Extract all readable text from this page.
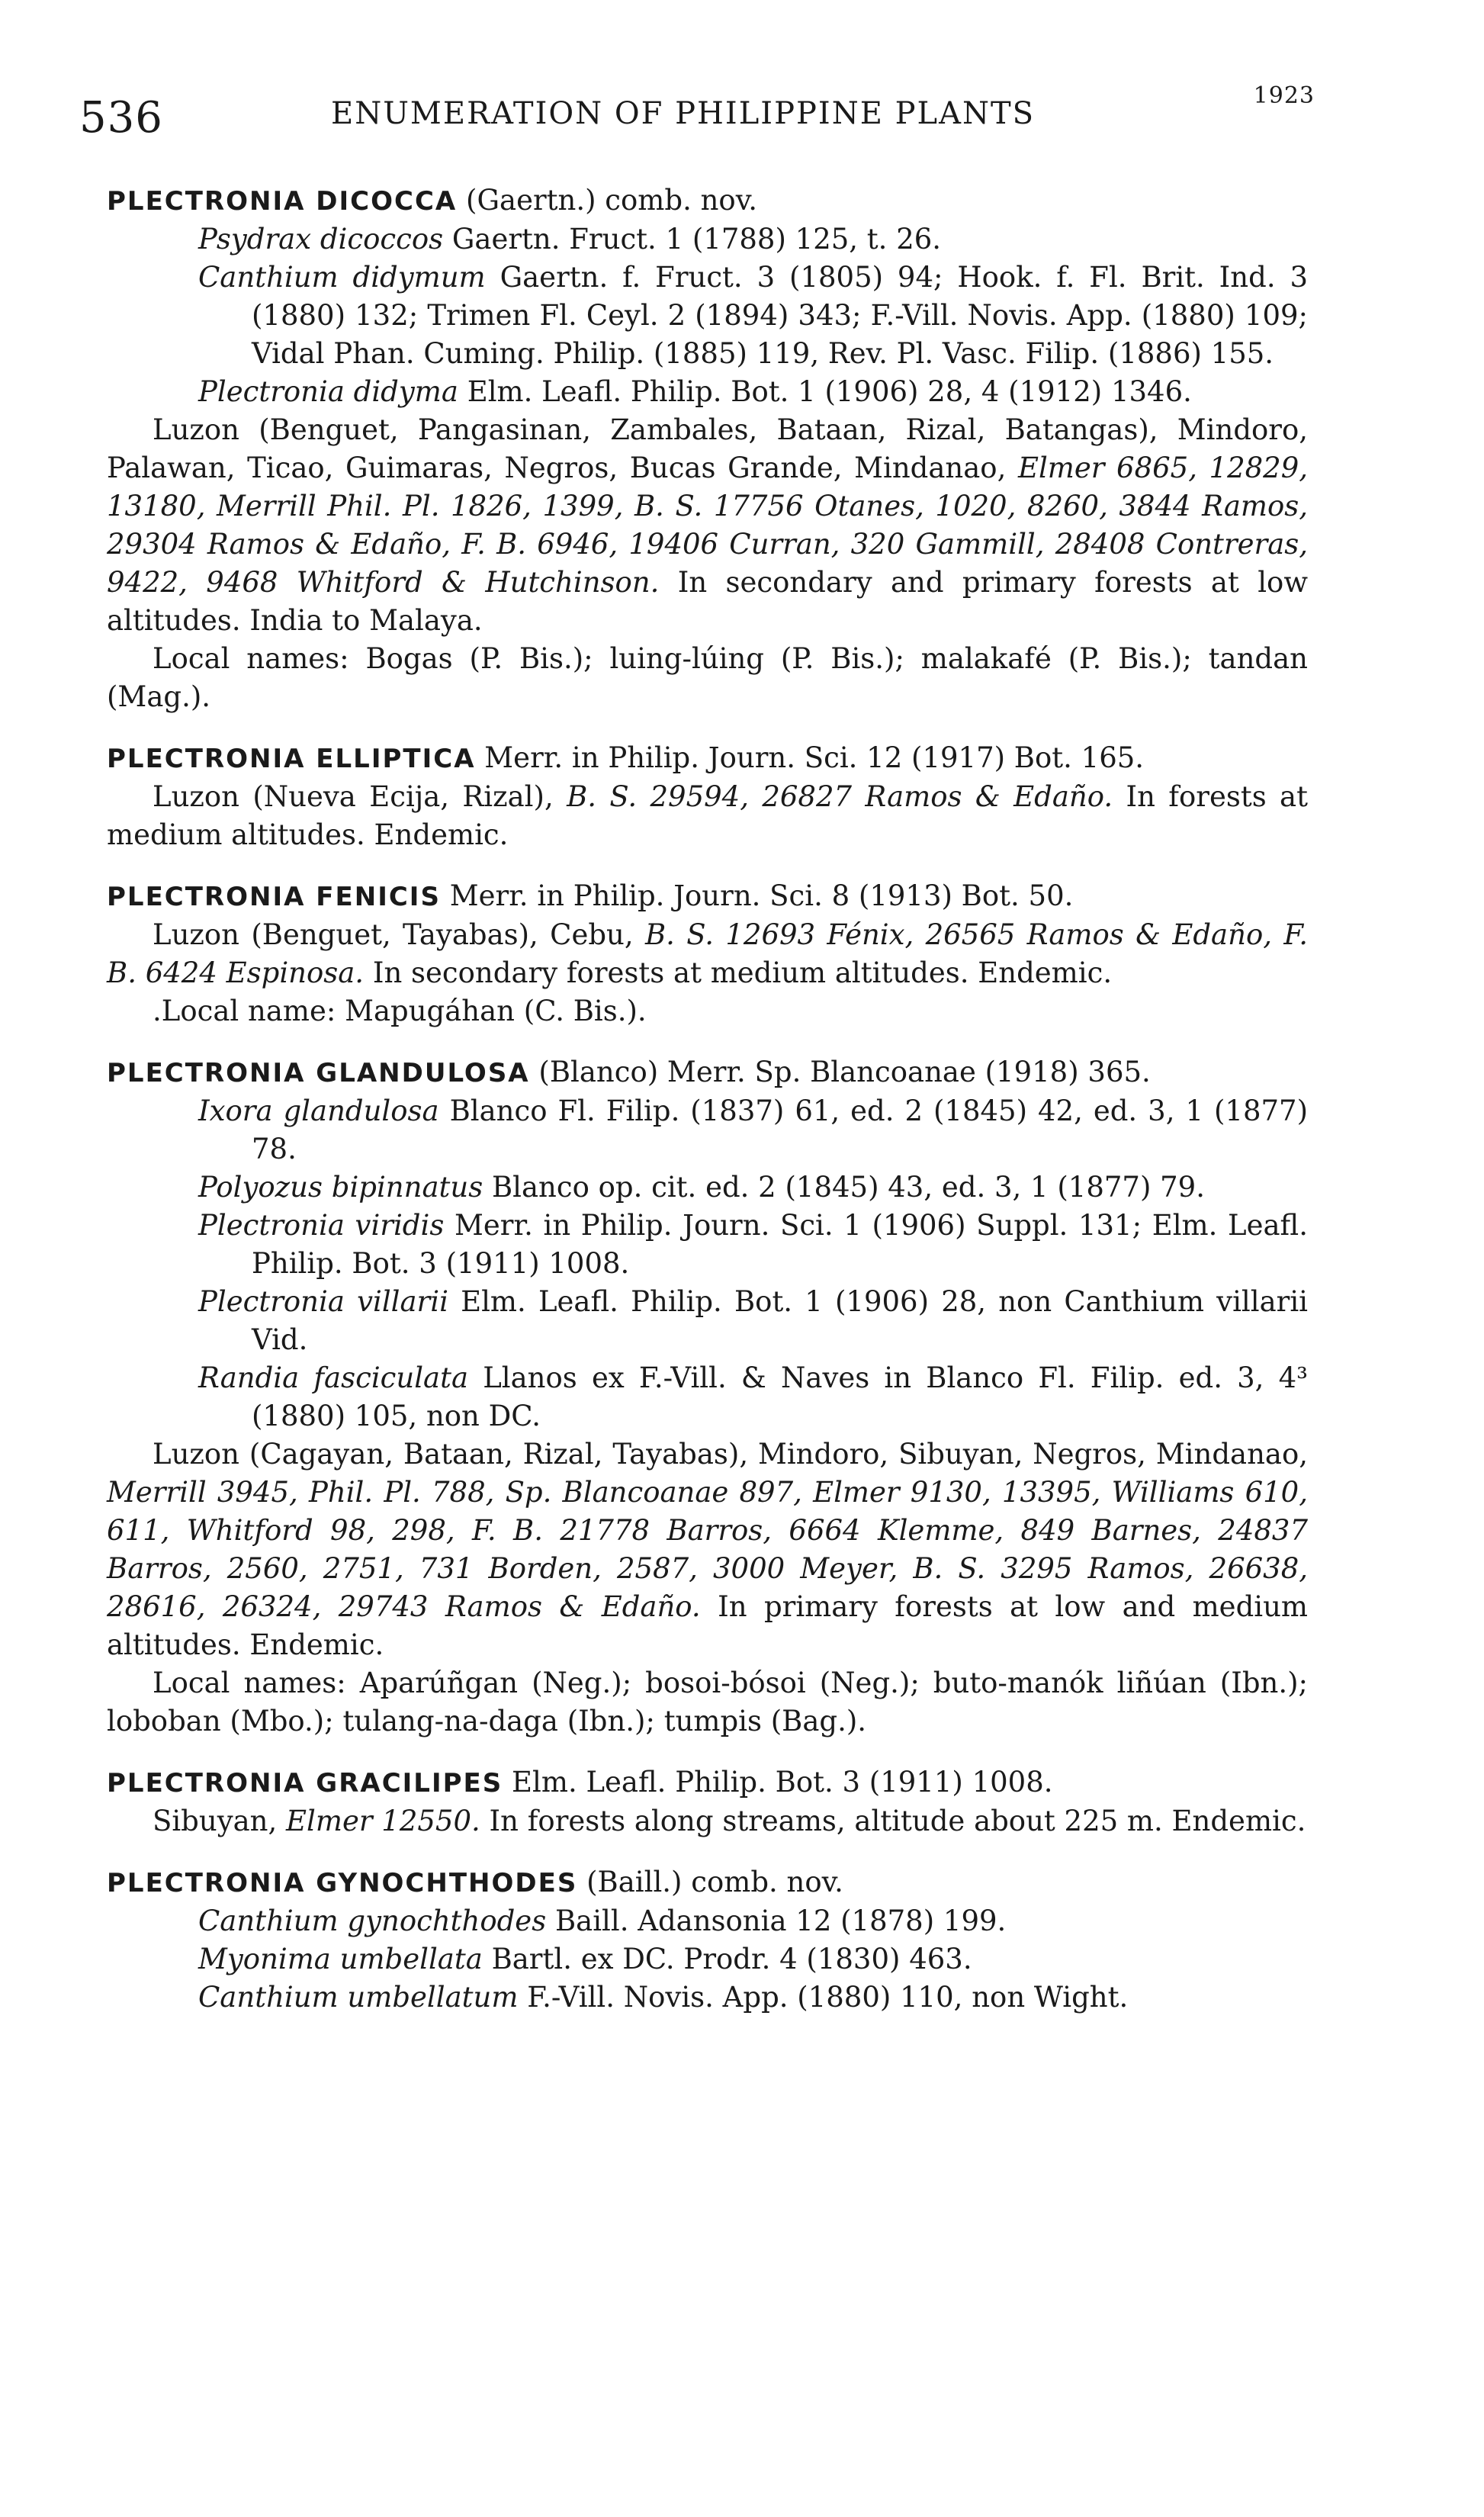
536	ENUMERATION OF PHILIPPINE PLANTS
1923

PLECTRONIA DICOCCA (Gaertn.) comb. nov.

Psydrax dicoccos Gaertn. Fruct. 1 (1788) 125, t. 26.

Canthium didymum Gaertn. f. Fruct. 3 (1805) 94; Hook. f. Fl. Brit. Ind. 3 (1880) 132; Trimen Fl. Ceyl. 2 (1894) 343; F.-Vill. Novis. App. (1880) 109; Vidal Phan. Cuming. Philip. (1885) 119, Rev. Pl. Vasc. Filip. (1886) 155.

Plectronia didyma Elm. Leafl. Philip. Bot. 1 (1906) 28, 4 (1912) 1346.

Luzon (Benguet, Pangasinan, Zambales, Bataan, Rizal, Batangas), Mindoro, Palawan, Ticao, Guimaras, Negros, Bucas Grande, Mindanao, Elmer 6865, 12829, 13180, Merrill Phil. Pl. 1826, 1399, B. S. 17756 Otanes, 1020, 8260, 3844 Ramos, 29304 Ramos & Edaño, F. B. 6946, 19406 Curran, 320 Gammill, 28408 Contreras, 9422, 9468 Whitford & Hutchinson. In secondary and primary forests at low altitudes. India to Malaya.

Local names: Bogas (P. Bis.); luing-lúing (P. Bis.); malakafé (P. Bis.); tandan (Mag.).

PLECTRONIA ELLIPTICA Merr. in Philip. Journ. Sci. 12 (1917) Bot. 165.

Luzon (Nueva Ecija, Rizal), B. S. 29594, 26827 Ramos & Edaño. In forests at medium altitudes. Endemic.

PLECTRONIA FENICIS Merr. in Philip. Journ. Sci. 8 (1913) Bot. 50.

Luzon (Benguet, Tayabas), Cebu, B. S. 12693 Fénix, 26565 Ramos & Edaño, F. B. 6424 Espinosa. In secondary forests at medium altitudes. Endemic.

.Local name: Mapugáhan (C. Bis.).

PLECTRONIA GLANDULOSA (Blanco) Merr. Sp. Blancoanae (1918) 365.

Ixora glandulosa Blanco Fl. Filip. (1837) 61, ed. 2 (1845) 42, ed. 3, 1 (1877) 78.

Polyozus bipinnatus Blanco op. cit. ed. 2 (1845) 43, ed. 3, 1 (1877) 79.

Plectronia viridis Merr. in Philip. Journ. Sci. 1 (1906) Suppl. 131; Elm. Leafl. Philip. Bot. 3 (1911) 1008.

Plectronia villarii Elm. Leafl. Philip. Bot. 1 (1906) 28, non Canthium villarii Vid.

Randia fasciculata Llanos ex F.-Vill. & Naves in Blanco Fl. Filip. ed. 3, 4³ (1880) 105, non DC.

Luzon (Cagayan, Bataan, Rizal, Tayabas), Mindoro, Sibuyan, Negros, Mindanao, Merrill 3945, Phil. Pl. 788, Sp. Blancoanae 897, Elmer 9130, 13395, Williams 610, 611, Whitford 98, 298, F. B. 21778 Barros, 6664 Klemme, 849 Barnes, 24837 Barros, 2560, 2751, 731 Borden, 2587, 3000 Meyer, B. S. 3295 Ramos, 26638, 28616, 26324, 29743 Ramos & Edaño. In primary forests at low and medium altitudes. Endemic.

Local names: Aparúñgan (Neg.); bosoi-bósoi (Neg.); buto-manók liñúan (Ibn.); loboban (Mbo.); tulang-na-daga (Ibn.); tumpis (Bag.).

PLECTRONIA GRACILIPES Elm. Leafl. Philip. Bot. 3 (1911) 1008.

Sibuyan, Elmer 12550. In forests along streams, altitude about 225 m. Endemic.

PLECTRONIA GYNOCHTHODES (Baill.) comb. nov.

Canthium gynochthodes Baill. Adansonia 12 (1878) 199.

Myonima umbellata Bartl. ex DC. Prodr. 4 (1830) 463.

Canthium umbellatum F.-Vill. Novis. App. (1880) 110, non Wight.
